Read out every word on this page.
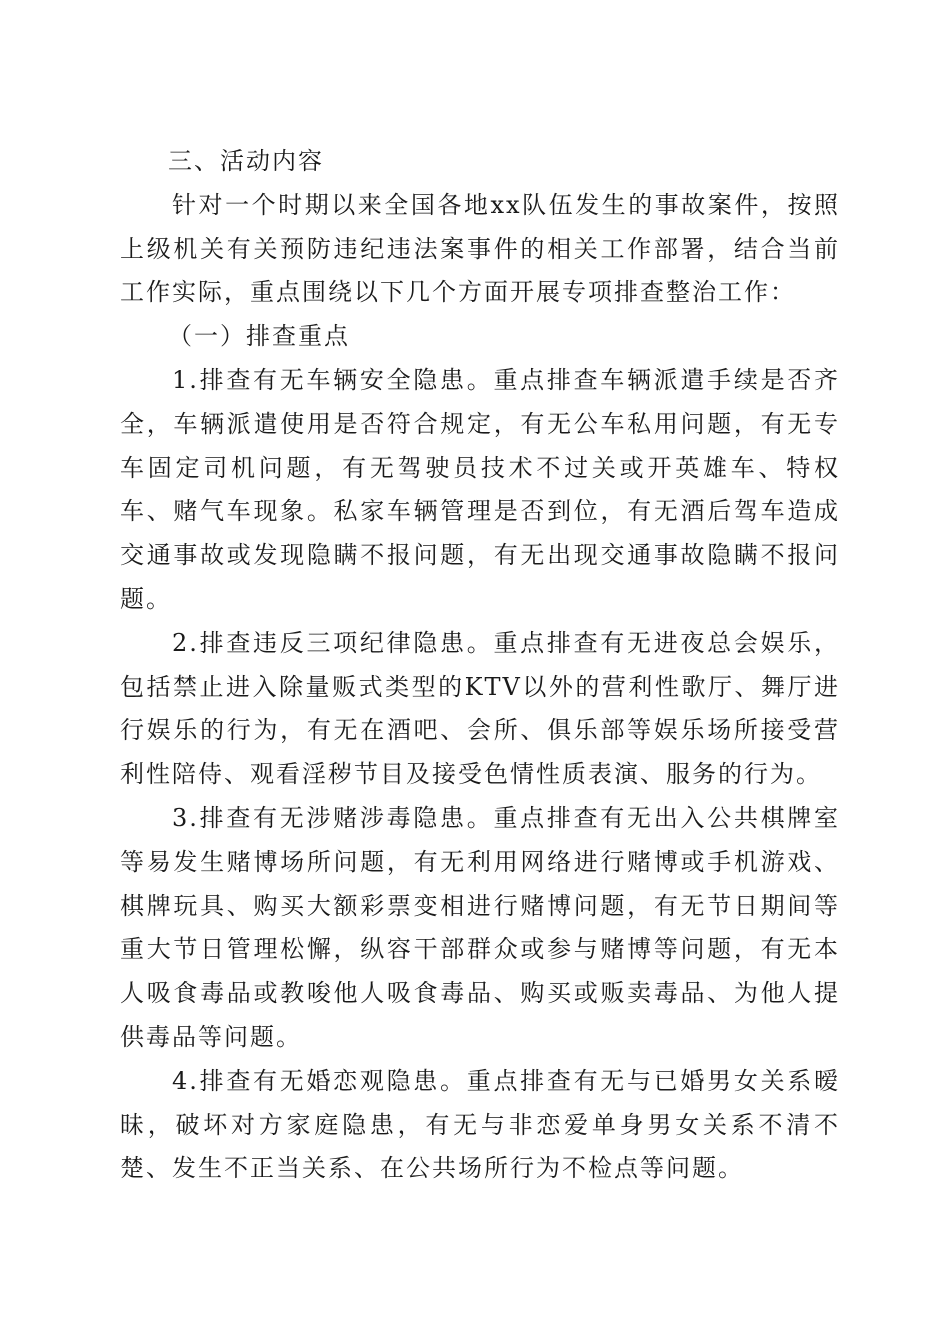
三、活动内容

针对一个时期以来全国各地xx队伍发生的事故案件，按照上级机关有关预防违纪违法案事件的相关工作部署，结合当前工作实际，重点围绕以下几个方面开展专项排查整治工作：

（一）排查重点

1.排查有无车辆安全隐患。重点排查车辆派遣手续是否齐全，车辆派遣使用是否符合规定，有无公车私用问题，有无专车固定司机问题，有无驾驶员技术不过关或开英雄车、特权车、赌气车现象。私家车辆管理是否到位，有无酒后驾车造成交通事故或发现隐瞒不报问题，有无出现交通事故隐瞒不报问题。

2.排查违反三项纪律隐患。重点排查有无进夜总会娱乐，包括禁止进入除量贩式类型的KTV以外的营利性歌厅、舞厅进行娱乐的行为，有无在酒吧、会所、俱乐部等娱乐场所接受营利性陪侍、观看淫秽节目及接受色情性质表演、服务的行为。

3.排查有无涉赌涉毒隐患。重点排查有无出入公共棋牌室等易发生赌博场所问题，有无利用网络进行赌博或手机游戏、棋牌玩具、购买大额彩票变相进行赌博问题，有无节日期间等重大节日管理松懈，纵容干部群众或参与赌博等问题，有无本人吸食毒品或教唆他人吸食毒品、购买或贩卖毒品、为他人提供毒品等问题。

4.排查有无婚恋观隐患。重点排查有无与已婚男女关系暧昧，破坏对方家庭隐患，有无与非恋爱单身男女关系不清不楚、发生不正当关系、在公共场所行为不检点等问题。
